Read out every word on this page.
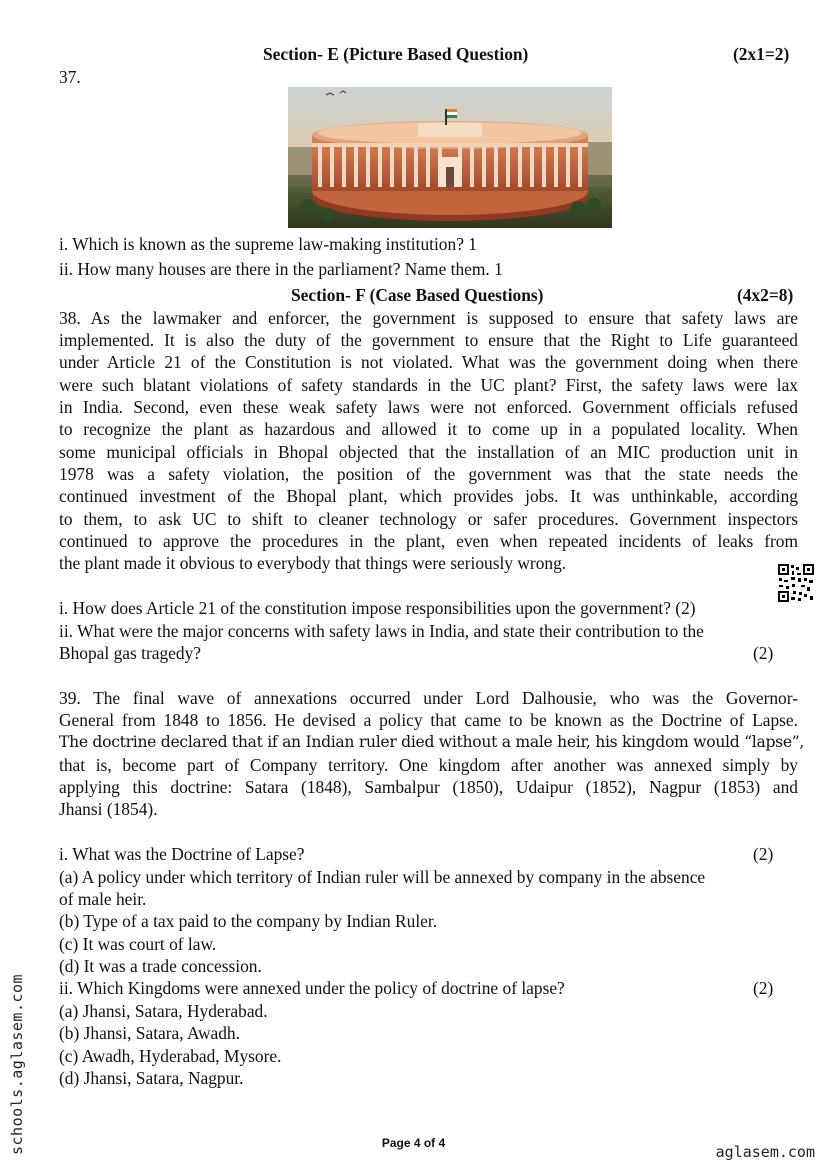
Section- E (Picture Based Question)	(2x1=2)
37.
i. Which is known as the supreme law-making institution? 1
ii. How many houses are there in the parliament? Name them. 1
Section- F (Case Based Questions)	(4x2=8)
38. As the lawmaker and enforcer, the government is supposed to ensure that safety laws are
implemented. It is also the duty of the government to ensure that the Right to Life guaranteed
under Article 21 of the Constitution is not violated. What was the government doing when there
were such blatant violations of safety standards in the UC plant? First, the safety laws were lax
in India. Second, even these weak safety laws were not enforced. Government officials refused
to recognize the plant as hazardous and allowed it to come up in a populated locality. When
some municipal officials in Bhopal objected that the installation of an MIC production unit in
1978 was a safety violation, the position of the government was that the state needs the
continued investment of the Bhopal plant, which provides jobs. It was unthinkable, according
to them, to ask UC to shift to cleaner technology or safer procedures. Government inspectors
continued to approve the procedures in the plant, even when repeated incidents of leaks from
the plant made it obvious to everybody that things were seriously wrong.
i. How does Article 21 of the constitution impose responsibilities upon the government? (2)
ii. What were the major concerns with safety laws in India, and state their contribution to the
Bhopal gas tragedy?	(2)
39. The final wave of annexations occurred under Lord Dalhousie, who was the Governor-
General from 1848 to 1856. He devised a policy that came to be known as the Doctrine of Lapse.
The doctrine declared that if an Indian ruler died without a male heir, his kingdom would “lapse”,
that is, become part of Company territory. One kingdom after another was annexed simply by
applying this doctrine: Satara (1848), Sambalpur (1850), Udaipur (1852), Nagpur (1853) and
Jhansi (1854).
i. What was the Doctrine of Lapse?	(2)
(a) A policy under which territory of Indian ruler will be annexed by company in the absence
of male heir.
(b) Type of a tax paid to the company by Indian Ruler.
(c) It was court of law.
(d) It was a trade concession.
ii. Which Kingdoms were annexed under the policy of doctrine of lapse?	(2)
(a) Jhansi, Satara, Hyderabad.
(b) Jhansi, Satara, Awadh.
(c) Awadh, Hyderabad, Mysore.
(d) Jhansi, Satara, Nagpur.
Page 4 of 4
schools.aglasem.com	aglasem.com
